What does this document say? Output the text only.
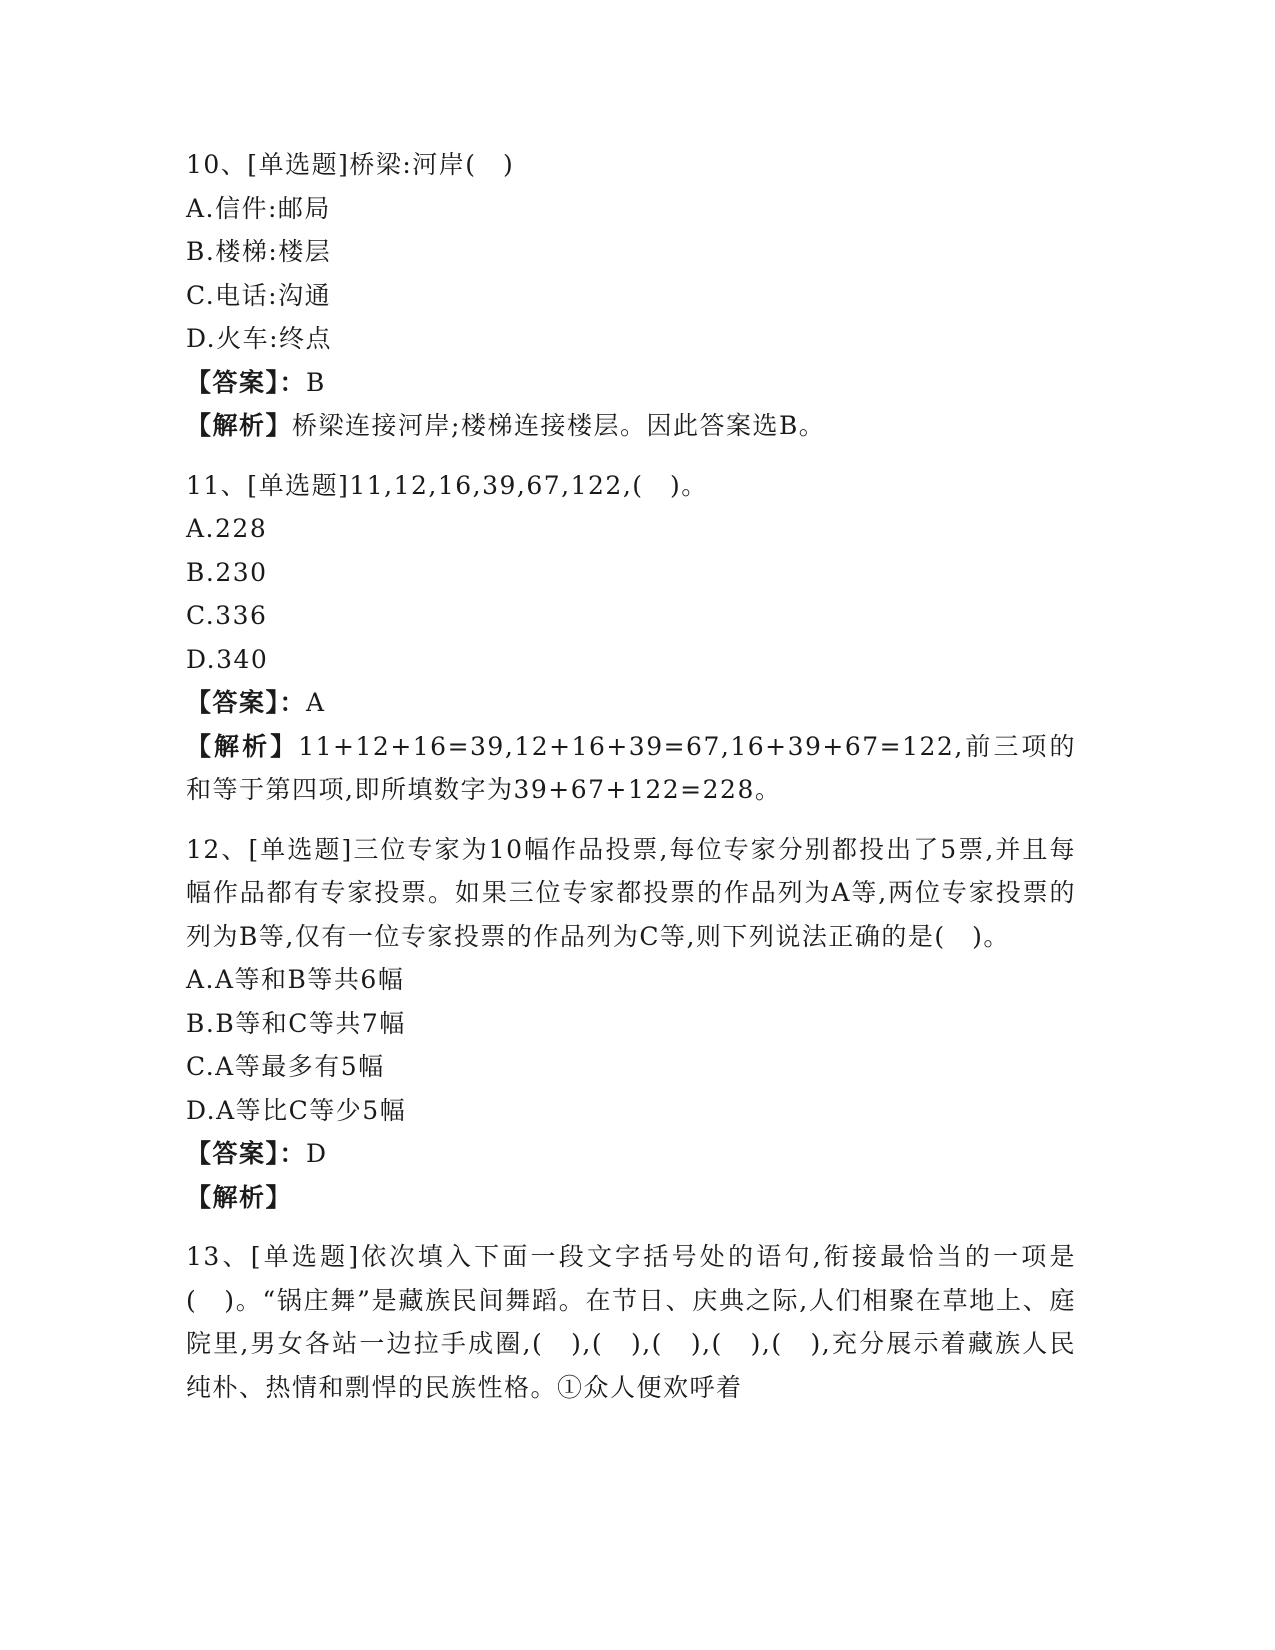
10、[单选题]桥梁:河岸(　)
A.信件:邮局
B.楼梯:楼层
C.电话:沟通
D.火车:终点
【答案】：B
【解析】桥梁连接河岸;楼梯连接楼层。因此答案选B。
11、[单选题]11,12,16,39,67,122,(　)。
A.228
B.230
C.336
D.340
【答案】：A
【解析】11+12+16=39,12+16+39=67,16+39+67=122,前三项的和等于第四项,即所填数字为39+67+122=228。
12、[单选题]三位专家为10幅作品投票,每位专家分别都投出了5票,并且每幅作品都有专家投票。如果三位专家都投票的作品列为A等,两位专家投票的列为B等,仅有一位专家投票的作品列为C等,则下列说法正确的是(　)。
A.A等和B等共6幅
B.B等和C等共7幅
C.A等最多有5幅
D.A等比C等少5幅
【答案】：D
【解析】
13、[单选题]依次填入下面一段文字括号处的语句,衔接最恰当的一项是(　)。“锅庄舞”是藏族民间舞蹈。在节日、庆典之际,人们相聚在草地上、庭院里,男女各站一边拉手成圈,(　),(　),(　),(　),(　),充分展示着藏族人民纯朴、热情和剽悍的民族性格。①众人便欢呼着
